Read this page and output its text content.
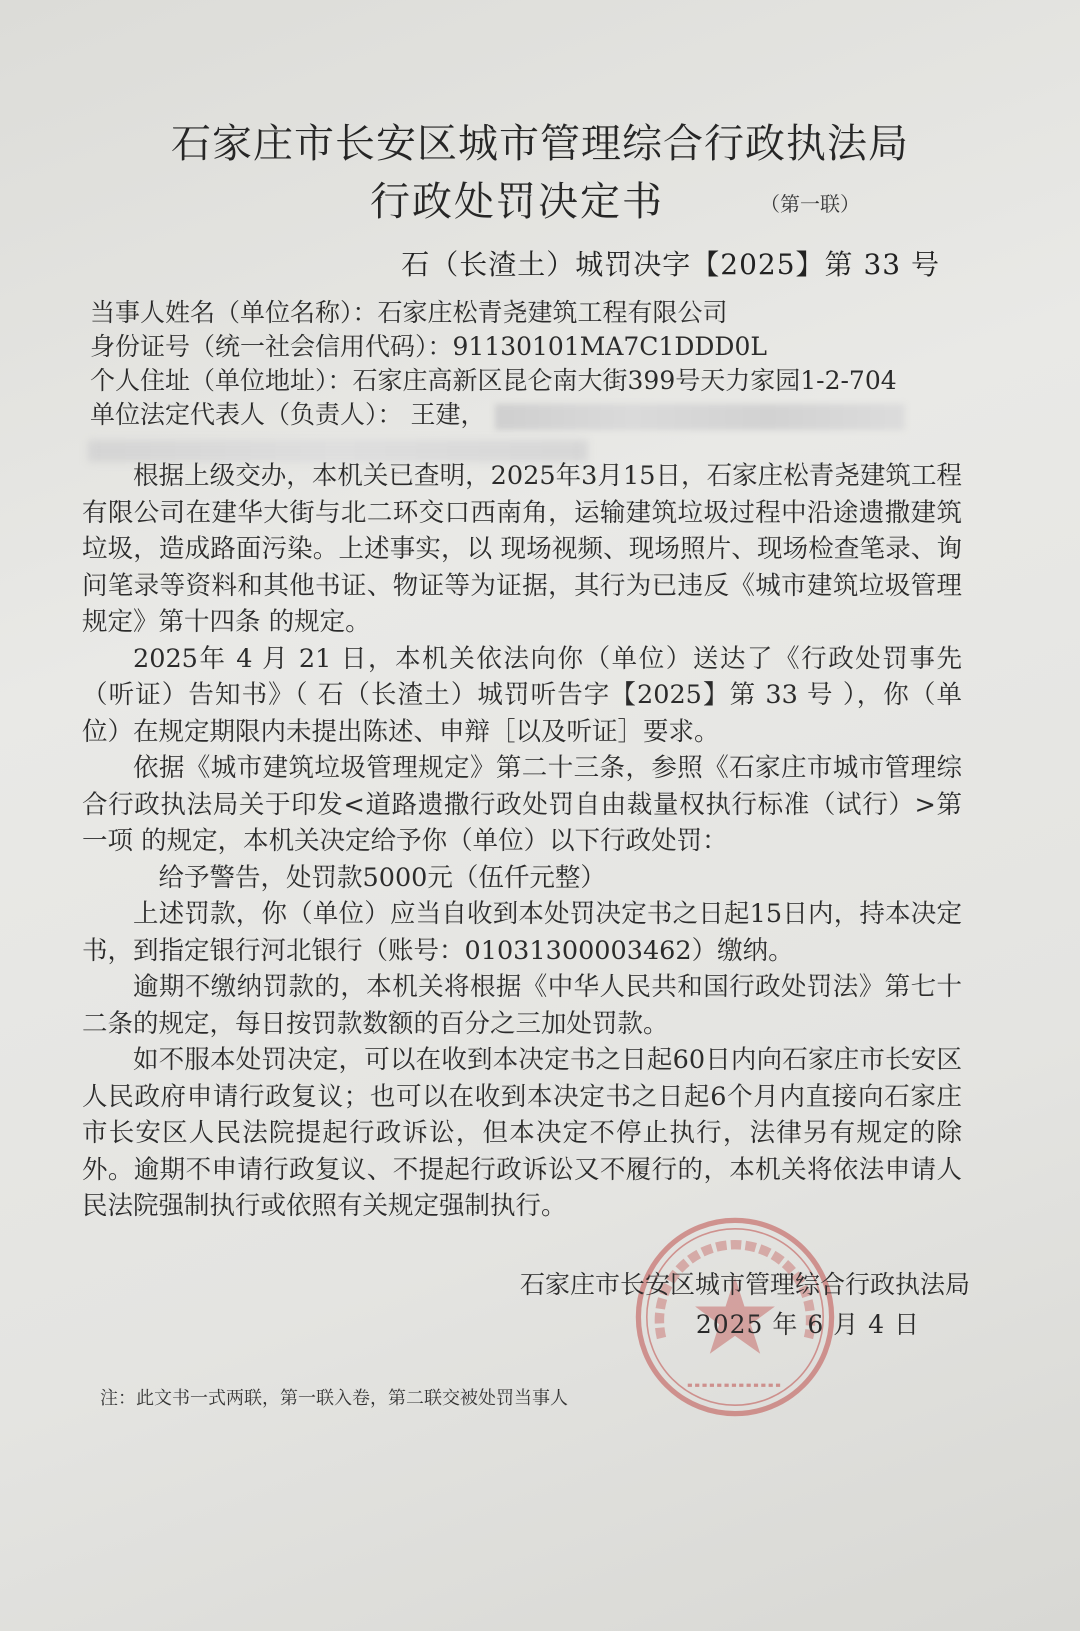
石家庄市长安区城市管理综合行政执法局
行政处罚决定书	（第一联）
石（长渣土）城罚决字【2025】第 33 号
当事人姓名（单位名称）：石家庄松青尧建筑工程有限公司
身份证号（统一社会信用代码）：91130101MA7C1DDD0L
个人住址（单位地址）：石家庄高新区昆仑南大街399号天力家园1-2-704
单位法定代表人（负责人）： 王建，

根据上级交办，本机关已查明，2025年3月15日，石家庄松青尧建筑工程有限公司在建华大街与北二环交口西南角，运输建筑垃圾过程中沿途遗撒建筑垃圾，造成路面污染。上述事实，以 现场视频、现场照片、现场检查笔录、询问笔录等资料和其他书证、物证等为证据，其行为已违反《城市建筑垃圾管理规定》第十四条 的规定。

2025年 4 月 21 日，本机关依法向你（单位）送达了《行政处罚事先（听证）告知书》（ 石（长渣土）城罚听告字【2025】第 33 号 ），你（单位）在规定期限内未提出陈述、申辩［以及听证］要求。

依据《城市建筑垃圾管理规定》第二十三条，参照《石家庄市城市管理综合行政执法局关于印发<道路遗撒行政处罚自由裁量权执行标准（试行）>第一项 的规定，本机关决定给予你（单位）以下行政处罚：

给予警告，处罚款5000元（伍仟元整）

上述罚款，你（单位）应当自收到本处罚决定书之日起15日内，持本决定书，到指定银行河北银行（账号：01031300003462）缴纳。

逾期不缴纳罚款的，本机关将根据《中华人民共和国行政处罚法》第七十二条的规定，每日按罚款数额的百分之三加处罚款。

如不服本处罚决定，可以在收到本决定书之日起60日内向石家庄市长安区人民政府申请行政复议；也可以在收到本决定书之日起6个月内直接向石家庄市长安区人民法院提起行政诉讼，但本决定不停止执行，法律另有规定的除外。逾期不申请行政复议、不提起行政诉讼又不履行的，本机关将依法申请人民法院强制执行或依照有关规定强制执行。

石家庄市长安区城市管理综合行政执法局
2025 年 6 月 4 日
注：此文书一式两联，第一联入卷，第二联交被处罚当事人
